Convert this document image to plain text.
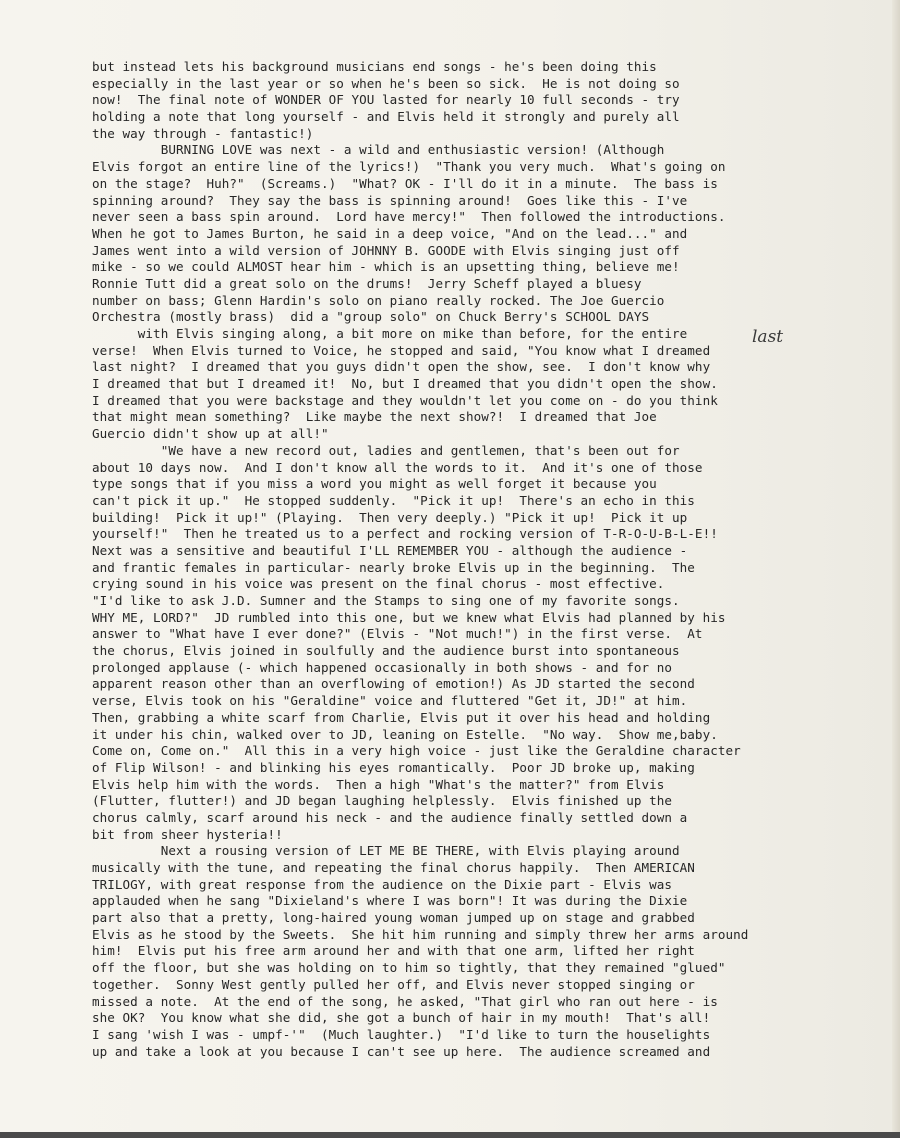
but instead lets his background musicians end songs - he's been doing this
especially in the last year or so when he's been so sick.  He is not doing so
now!  The final note of WONDER OF YOU lasted for nearly 10 full seconds - try
holding a note that long yourself - and Elvis held it strongly and purely all
the way through - fantastic!)
BURNING LOVE was next - a wild and enthusiastic version! (Although
Elvis forgot an entire line of the lyrics!)  "Thank you very much.  What's going on
on the stage?  Huh?"  (Screams.)  "What? OK - I'll do it in a minute.  The bass is
spinning around?  They say the bass is spinning around!  Goes like this - I've
never seen a bass spin around.  Lord have mercy!"  Then followed the introductions.
When he got to James Burton, he said in a deep voice, "And on the lead..." and
James went into a wild version of JOHNNY B. GOODE with Elvis singing just off
mike - so we could ALMOST hear him - which is an upsetting thing, believe me!
Ronnie Tutt did a great solo on the drums!  Jerry Scheff played a bluesy
number on bass; Glenn Hardin's solo on piano really rocked. The Joe Guercio
Orchestra (mostly brass)  did a "group solo" on Chuck Berry's SCHOOL DAYS
with Elvis singing along, a bit more on mike than before, for the entire
verse!  When Elvis turned to Voice, he stopped and said, "You know what I dreamed
last night?  I dreamed that you guys didn't open the show, see.  I don't know why
I dreamed that but I dreamed it!  No, but I dreamed that you didn't open the show.
I dreamed that you were backstage and they wouldn't let you come on - do you think
that might mean something?  Like maybe the next show?!  I dreamed that Joe
Guercio didn't show up at all!"
"We have a new record out, ladies and gentlemen, that's been out for
about 10 days now.  And I don't know all the words to it.  And it's one of those
type songs that if you miss a word you might as well forget it because you
can't pick it up."  He stopped suddenly.  "Pick it up!  There's an echo in this
building!  Pick it up!" (Playing.  Then very deeply.) "Pick it up!  Pick it up
yourself!"  Then he treated us to a perfect and rocking version of T-R-O-U-B-L-E!!
Next was a sensitive and beautiful I'LL REMEMBER YOU - although the audience -
and frantic females in particular- nearly broke Elvis up in the beginning.  The
crying sound in his voice was present on the final chorus - most effective.
"I'd like to ask J.D. Sumner and the Stamps to sing one of my favorite songs.
WHY ME, LORD?"  JD rumbled into this one, but we knew what Elvis had planned by his
answer to "What have I ever done?" (Elvis - "Not much!") in the first verse.  At
the chorus, Elvis joined in soulfully and the audience burst into spontaneous
prolonged applause (- which happened occasionally in both shows - and for no
apparent reason other than an overflowing of emotion!) As JD started the second
verse, Elvis took on his "Geraldine" voice and fluttered "Get it, JD!" at him.
Then, grabbing a white scarf from Charlie, Elvis put it over his head and holding
it under his chin, walked over to JD, leaning on Estelle.  "No way.  Show me,baby.
Come on, Come on."  All this in a very high voice - just like the Geraldine character
of Flip Wilson! - and blinking his eyes romantically.  Poor JD broke up, making
Elvis help him with the words.  Then a high "What's the matter?" from Elvis
(Flutter, flutter!) and JD began laughing helplessly.  Elvis finished up the
chorus calmly, scarf around his neck - and the audience finally settled down a
bit from sheer hysteria!!
Next a rousing version of LET ME BE THERE, with Elvis playing around
musically with the tune, and repeating the final chorus happily.  Then AMERICAN
TRILOGY, with great response from the audience on the Dixie part - Elvis was
applauded when he sang "Dixieland's where I was born"! It was during the Dixie
part also that a pretty, long-haired young woman jumped up on stage and grabbed
Elvis as he stood by the Sweets.  She hit him running and simply threw her arms around
him!  Elvis put his free arm around her and with that one arm, lifted her right
off the floor, but she was holding on to him so tightly, that they remained "glued"
together.  Sonny West gently pulled her off, and Elvis never stopped singing or
missed a note.  At the end of the song, he asked, "That girl who ran out here - is
she OK?  You know what she did, she got a bunch of hair in my mouth!  That's all!
I sang 'wish I was - umpf-'"  (Much laughter.)  "I'd like to turn the houselights
up and take a look at you because I can't see up here.  The audience screamed and
last
